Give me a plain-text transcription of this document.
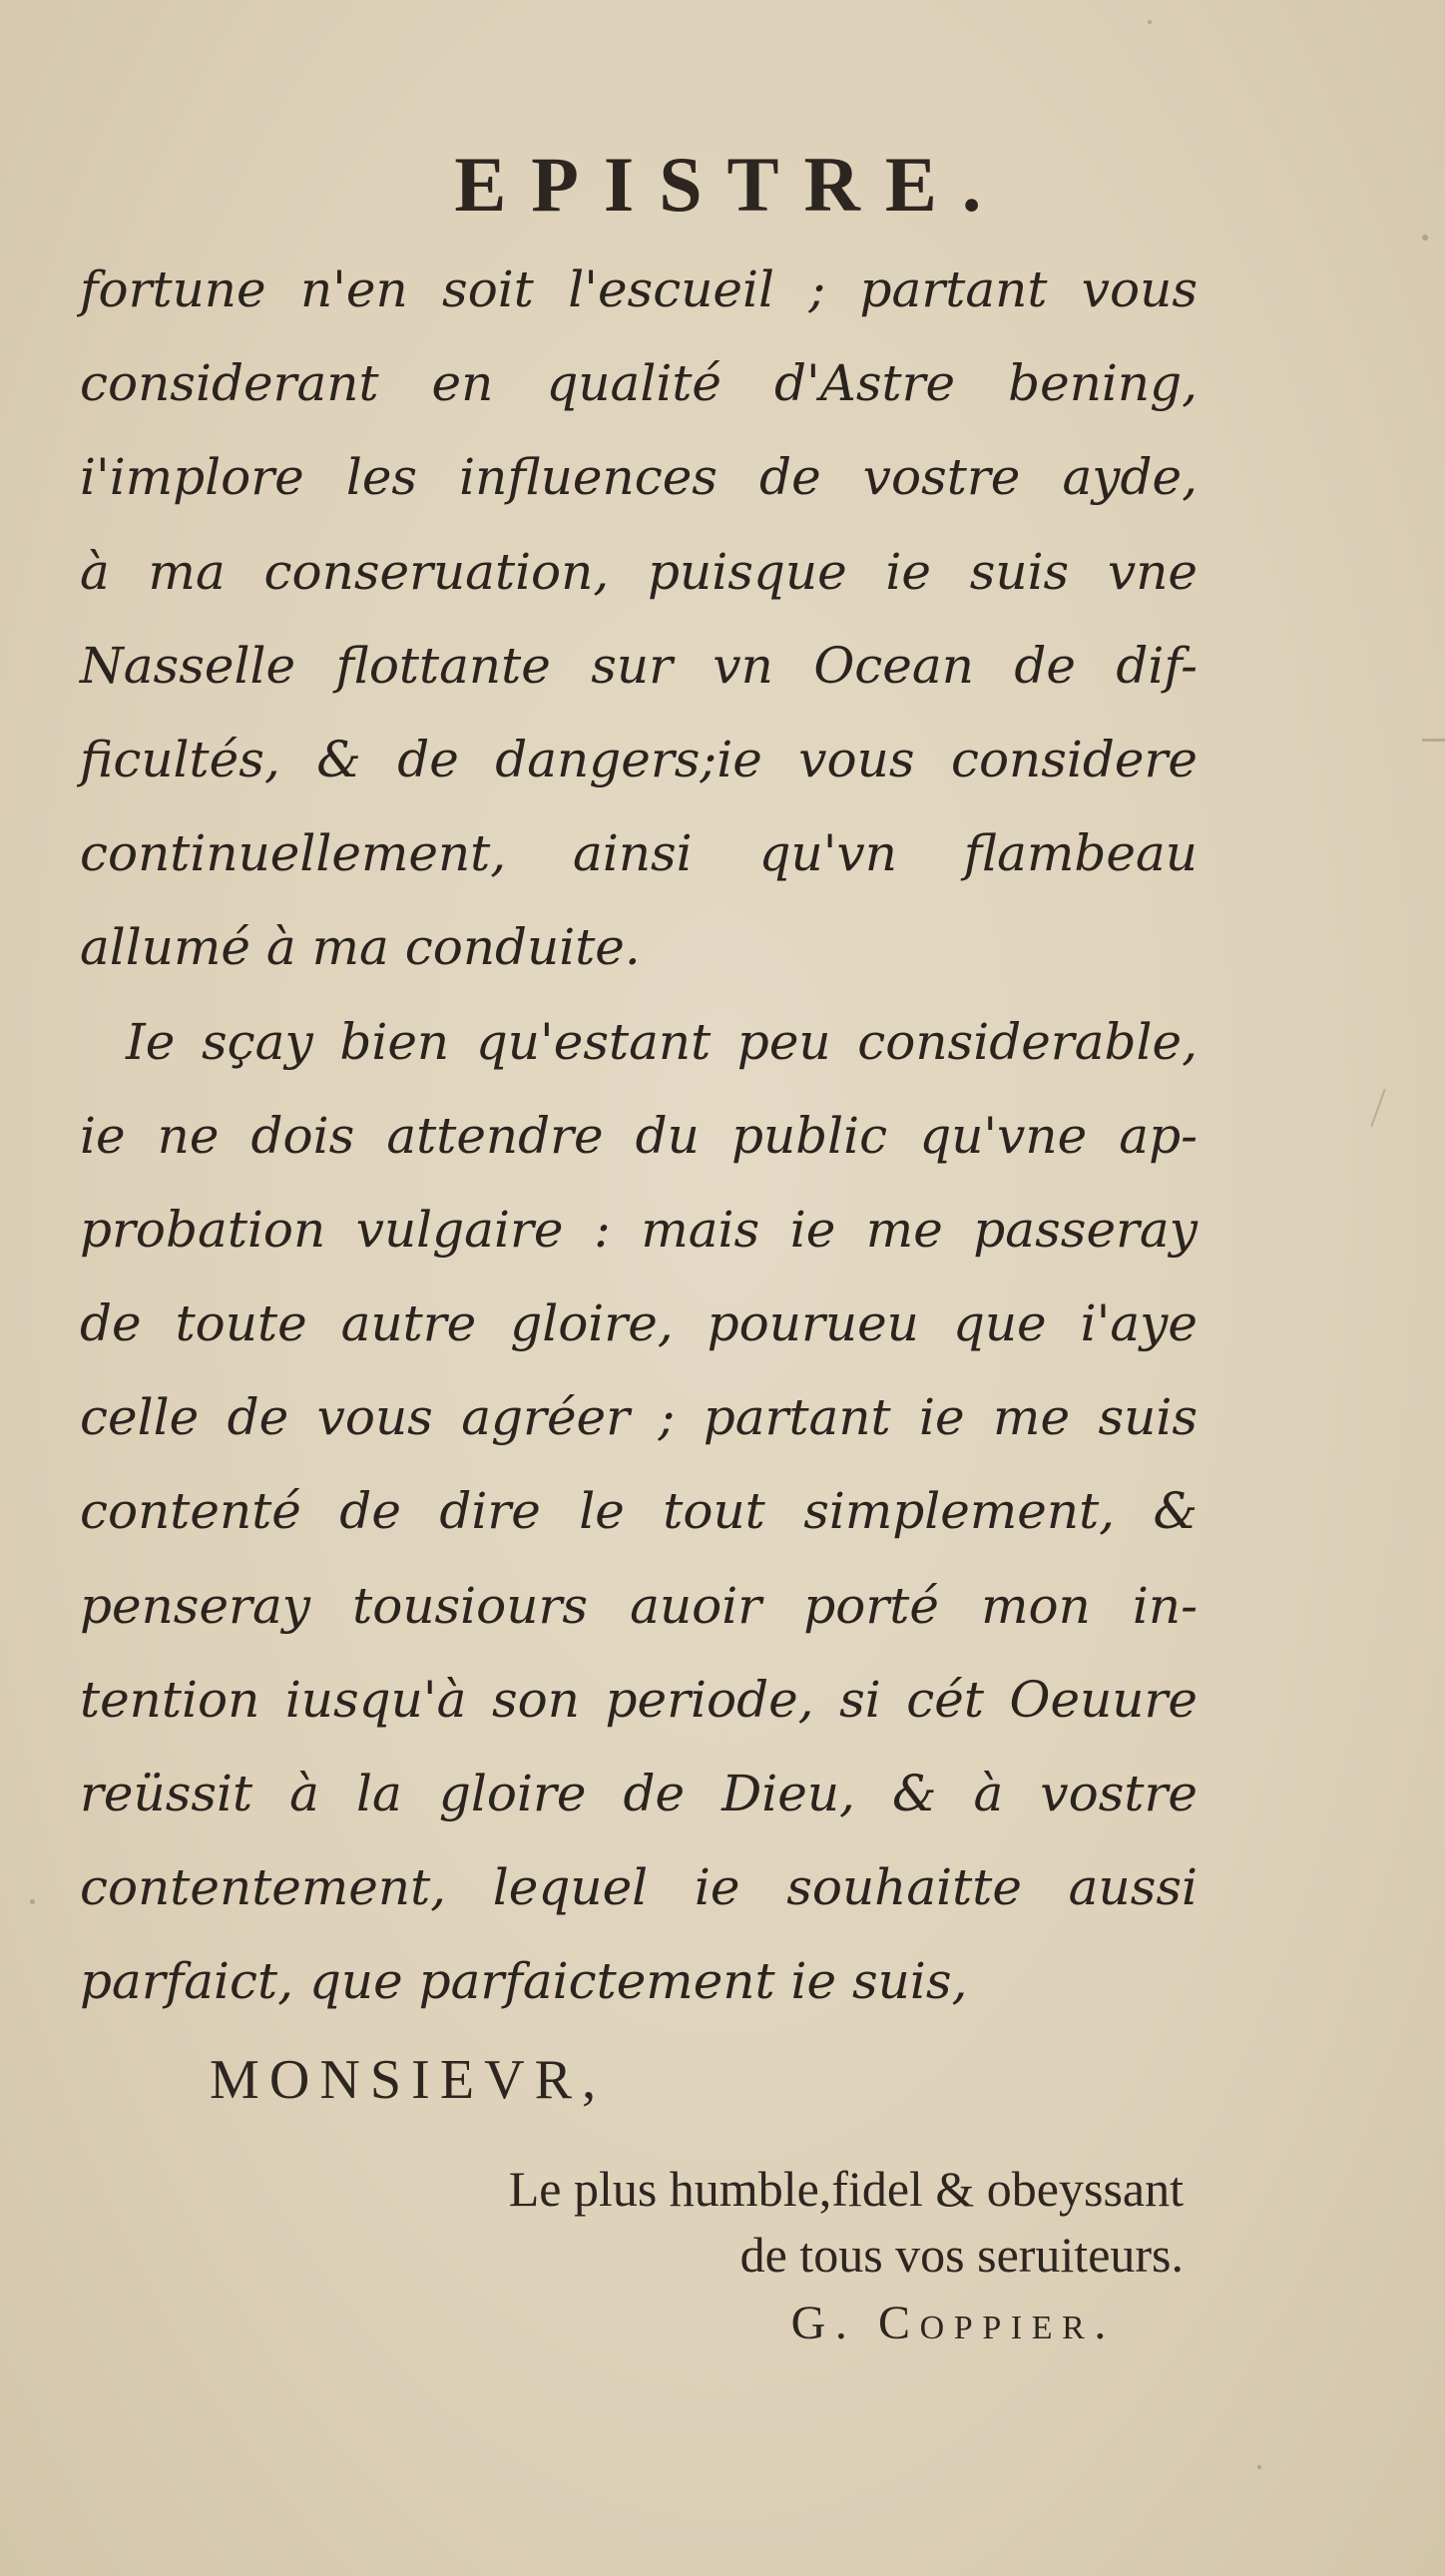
EPISTRE.
fortune n'en soit l'escueil ; partant vous
considerant en qualité d'Astre bening,
i'implore les influences de vostre ayde,
à ma conseruation, puisque ie suis vne
Nasselle flottante sur vn Ocean de dif-
ficultés, & de dangers;ie vous considere
continuellement, ainsi qu'vn flambeau
allumé à ma conduite.
Ie sçay bien qu'estant peu considerable,
ie ne dois attendre du public qu'vne ap-
probation vulgaire : mais ie me passeray
de toute autre gloire, pourueu que i'aye
celle de vous agréer ; partant ie me suis
contenté de dire le tout simplement, &
penseray tousiours auoir porté mon in-
tention iusqu'à son periode, si cét Oeuure
reüssit à la gloire de Dieu, & à vostre
contentement, lequel ie souhaitte aussi
parfaict, que parfaictement ie suis,

MONSIEVR,

Le plus humble,fidel & obeyssant
de tous vos seruiteurs.

G. Coppier.
